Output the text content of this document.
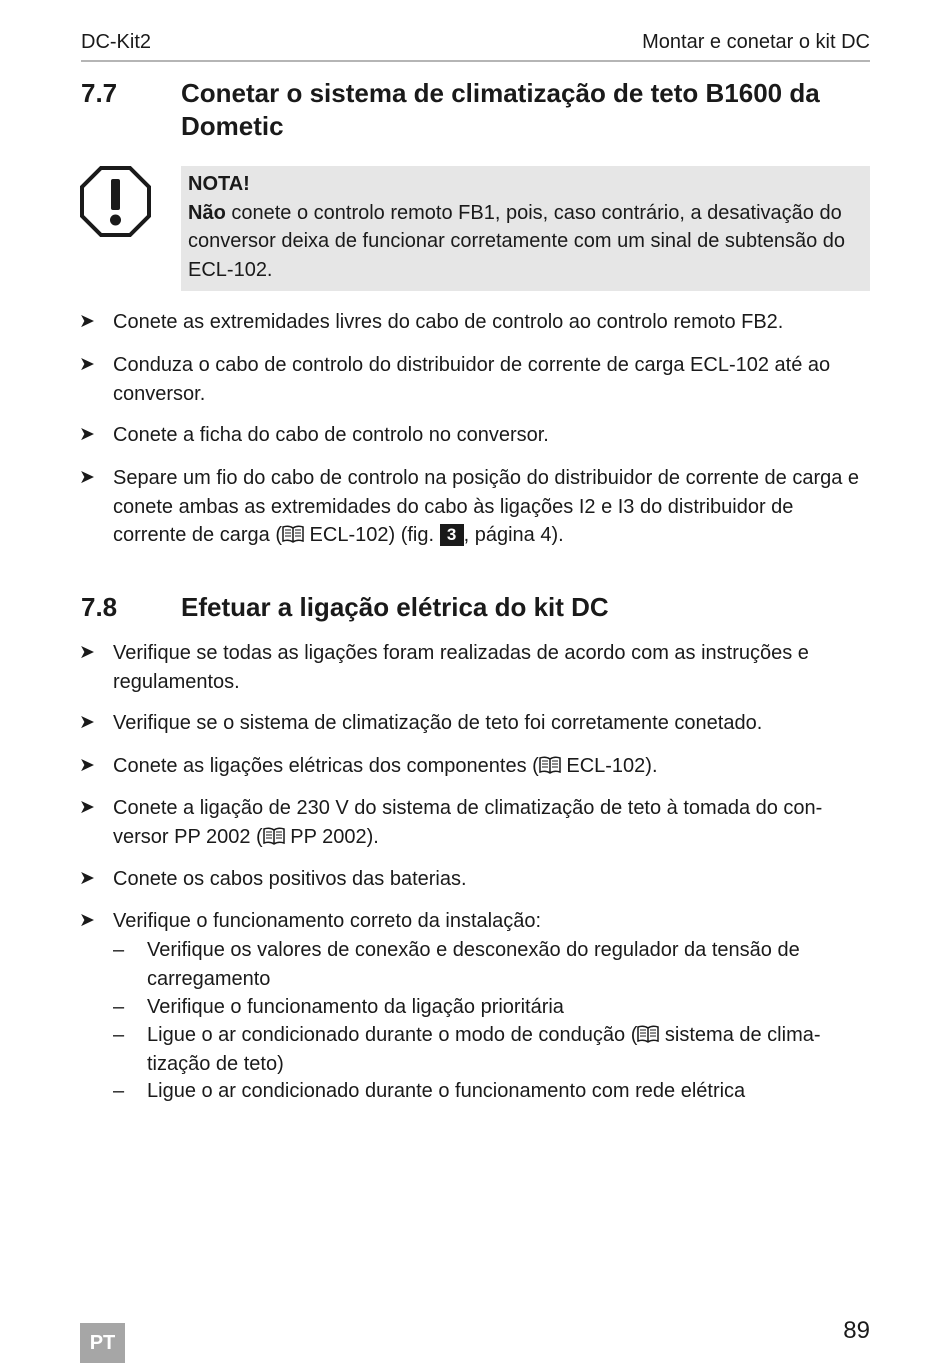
DC-Kit2	Montar e conetar o kit DC
7.7 Conetar o sistema de climatização de teto B1600 da Dometic
NOTA!
Não conete o controlo remoto FB1, pois, caso contrário, a desativação do conversor deixa de funcionar corretamente com um sinal de subtensão do ECL-102.
➤ Conete as extremidades livres do cabo de controlo ao controlo remoto FB2.
➤ Conduza o cabo de controlo do distribuidor de corrente de carga ECL-102 até ao conversor.
➤ Conete a ficha do cabo de controlo no conversor.
➤ Separe um fio do cabo de controlo na posição do distribuidor de corrente de carga e conete ambas as extremidades do cabo às ligações I2 e I3 do distribuidor de corrente de carga ( ECL-102) (fig. 3 , página 4).
7.8 Efetuar a ligação elétrica do kit DC
➤ Verifique se todas as ligações foram realizadas de acordo com as instruções e regulamentos.
➤ Verifique se o sistema de climatização de teto foi corretamente conetado.
➤ Conete as ligações elétricas dos componentes ( ECL-102).
➤ Conete a ligação de 230 V do sistema de climatização de teto à tomada do conversor PP 2002 ( PP 2002).
➤ Conete os cabos positivos das baterias.
➤ Verifique o funcionamento correto da instalação:
– Verifique os valores de conexão e desconexão do regulador da tensão de carregamento
– Verifique o funcionamento da ligação prioritária
– Ligue o ar condicionado durante o modo de condução ( sistema de climatização de teto)
– Ligue o ar condicionado durante o funcionamento com rede elétrica
PT	89
